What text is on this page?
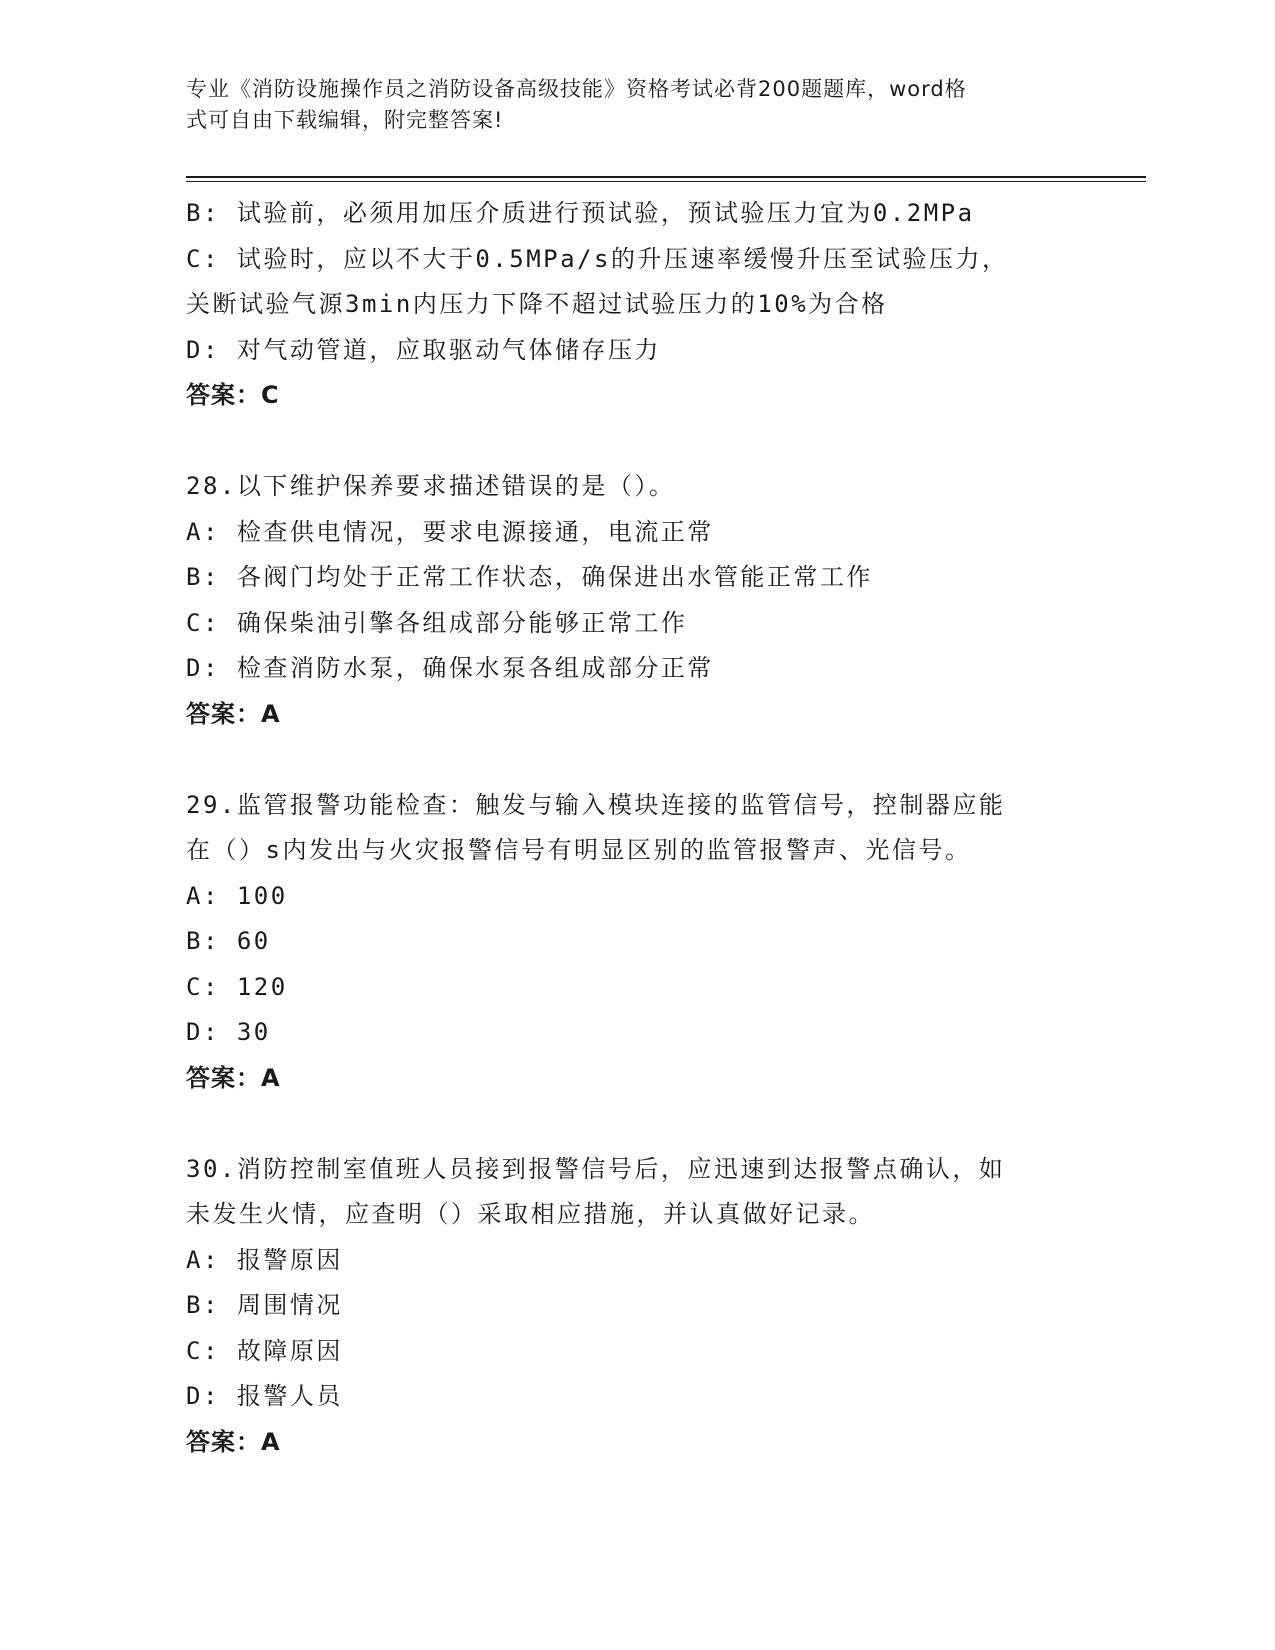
专业《消防设施操作员之消防设备高级技能》资格考试必背200题题库，word格
式可自由下载编辑，附完整答案!
B: 试验前，必须用加压介质进行预试验，预试验压力宜为0.2MPa
C: 试验时，应以不大于0.5MPa/s的升压速率缓慢升压至试验压力，
关断试验气源3min内压力下降不超过试验压力的10%为合格
D: 对气动管道，应取驱动气体储存压力
答案：C
28.以下维护保养要求描述错误的是（）。
A: 检查供电情况，要求电源接通，电流正常
B: 各阀门均处于正常工作状态，确保进出水管能正常工作
C: 确保柴油引擎各组成部分能够正常工作
D: 检查消防水泵，确保水泵各组成部分正常
答案：A
29.监管报警功能检查：触发与输入模块连接的监管信号，控制器应能
在（）s内发出与火灾报警信号有明显区别的监管报警声、光信号。
A: 100
B: 60
C: 120
D: 30
答案：A
30.消防控制室值班人员接到报警信号后，应迅速到达报警点确认，如
未发生火情，应查明（）采取相应措施，并认真做好记录。
A: 报警原因
B: 周围情况
C: 故障原因
D: 报警人员
答案：A
